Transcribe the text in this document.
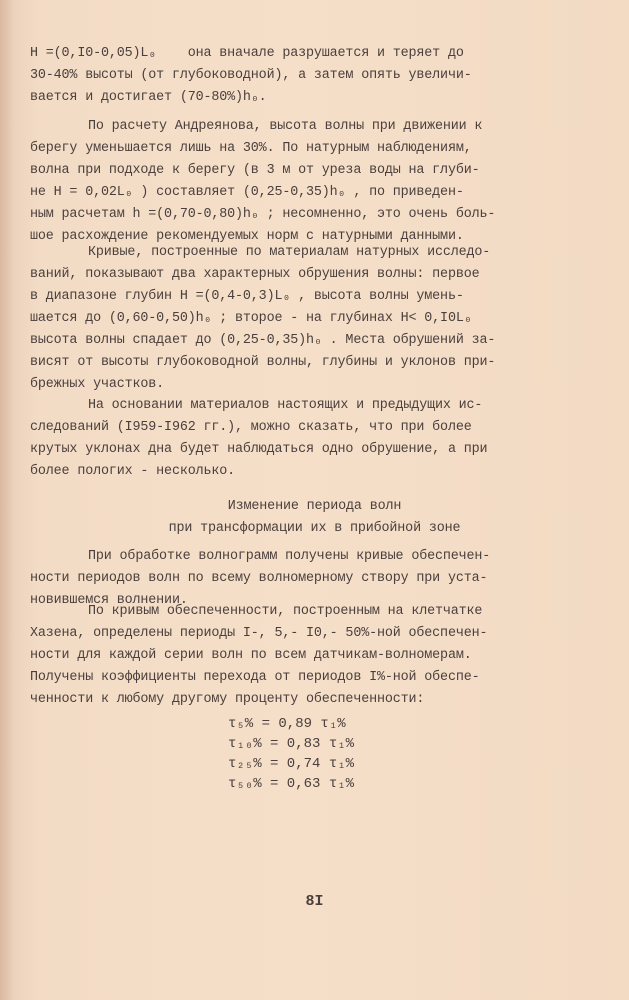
Н =(0,I0-0,05)L₀    она вначале разрушается и теряет до
30-40% высоты (от глубоководной), а затем опять увеличи-
вается и достигает (70-80%)h₀.
По расчету Андреянова, высота волны при движении к
берегу уменьшается лишь на 30%. По натурным наблюдениям,
волна при подходе к берегу (в 3 м от уреза воды на глуби-
не Н = 0,02L₀ ) составляет (0,25-0,35)h₀ , по приведен-
ным расчетам h =(0,70-0,80)h₀ ; несомненно, это очень боль-
шое расхождение рекомендуемых норм с натурными данными.
Кривые, построенные по материалам натурных исследо-
ваний, показывают два характерных обрушения волны: первое
в диапазоне глубин Н =(0,4-0,3)L₀ , высота волны умень-
шается до (0,60-0,50)h₀ ; второе - на глубинах Н< 0,I0L₀
высота волны спадает до (0,25-0,35)h₀ . Места обрушений за-
висят от высоты глубоководной волны, глубины и уклонов при-
брежных участков.
На основании материалов настоящих и предыдущих ис-
следований (I959-I962 гг.), можно сказать, что при более
крутых уклонах дна будет наблюдаться одно обрушение, а при
более пологих - несколько.
Изменение периода волн
при трансформации их в прибойной зоне
При обработке волнограмм получены кривые обеспечен-
ности периодов волн по всему волномерному створу при уста-
новившемся волнении.
По кривым обеспеченности, построенным на клетчатке
Хазена, определены периоды I-, 5,- I0,- 50%-ной обеспечен-
ности для каждой серии волн по всем датчикам-волномерам.
Получены коэффициенты перехода от периодов I%-ной обеспе-
ченности к любому другому проценту обеспеченности:
τ₅% = 0,89 τ₁%
τ₁₀% = 0,83 τ₁%
τ₂₅% = 0,74 τ₁%
τ₅₀% = 0,63 τ₁%
8I
